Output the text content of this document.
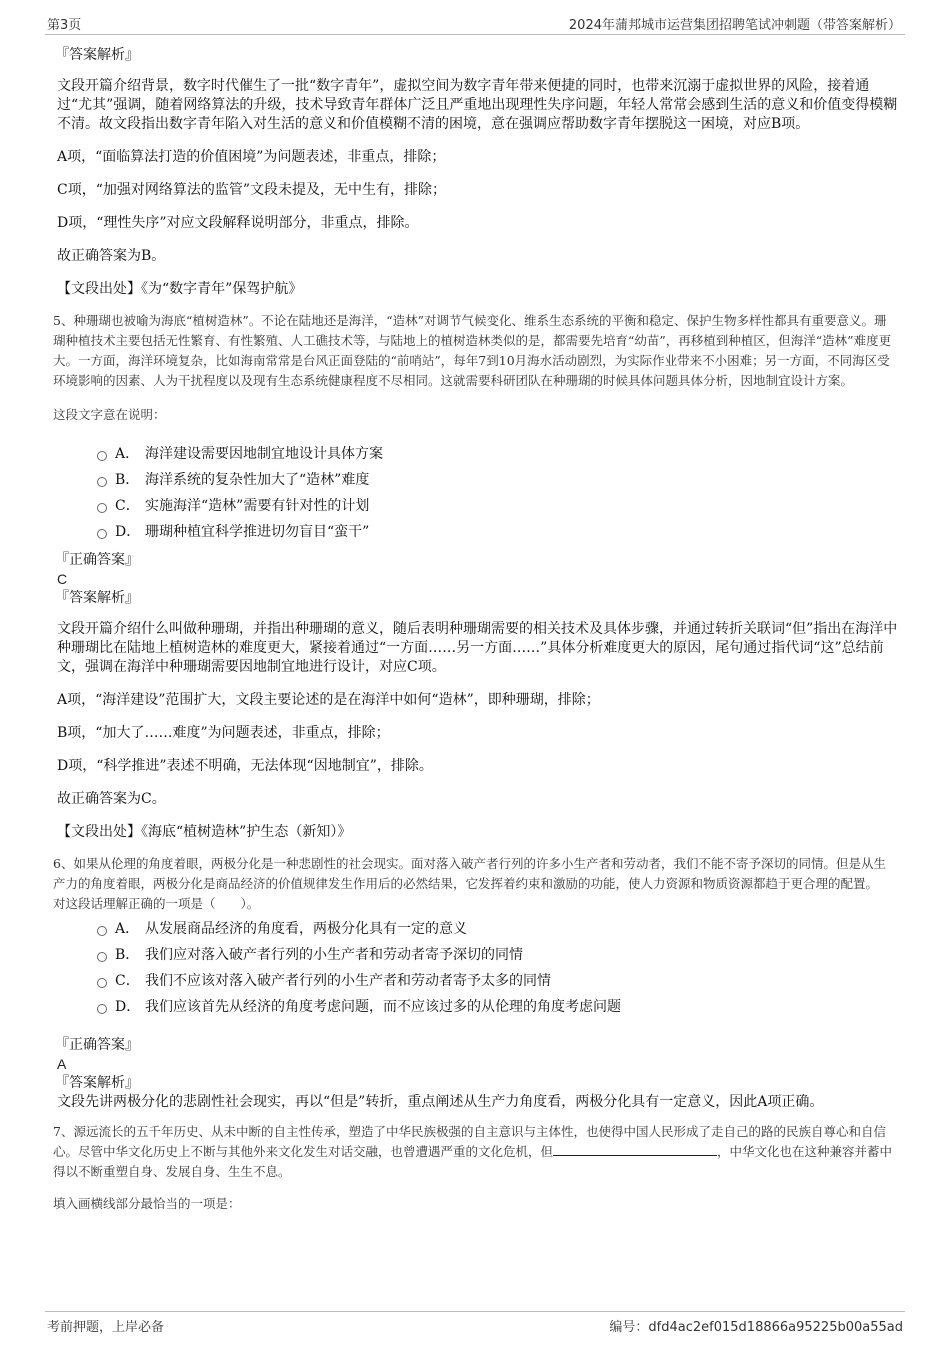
第3页	2024年蒲邦城市运营集团招聘笔试冲刺题（带答案解析）
『答案解析』
文段开篇介绍背景，数字时代催生了一批“数字青年”，虚拟空间为数字青年带来便捷的同时，也带来沉溺于虚拟世界的风险，接着通过“尤其”强调，随着网络算法的升级，技术导致青年群体广泛且严重地出现理性失序问题，年轻人常常会感到生活的意义和价值变得模糊不清。故文段指出数字青年陷入对生活的意义和价值模糊不清的困境，意在强调应帮助数字青年摆脱这一困境，对应B项。
A项，“面临算法打造的价值困境”为问题表述，非重点，排除；
C项，“加强对网络算法的监管”文段未提及，无中生有，排除；
D项，“理性失序”对应文段解释说明部分，非重点，排除。
故正确答案为B。
【文段出处】《为“数字青年”保驾护航》
5、种珊瑚也被喻为海底“植树造林”。不论在陆地还是海洋，“造林”对调节气候变化、维系生态系统的平衡和稳定、保护生物多样性都具有重要意义。珊瑚种植技术主要包括无性繁育、有性繁殖、人工礁技术等，与陆地上的植树造林类似的是，都需要先培育“幼苗”，再移植到种植区，但海洋“造林”难度更大。一方面，海洋环境复杂，比如海南常常是台风正面登陆的“前哨站”，每年7到10月海水活动剧烈，为实际作业带来不小困难；另一方面，不同海区受环境影响的因素、人为干扰程度以及现有生态系统健康程度不尽相同。这就需要科研团队在种珊瑚的时候具体问题具体分析，因地制宜设计方案。
这段文字意在说明：
A． 海洋建设需要因地制宜地设计具体方案
B． 海洋系统的复杂性加大了“造林”难度
C． 实施海洋“造林”需要有针对性的计划
D． 珊瑚种植宜科学推进切勿盲目“蛮干”
『正确答案』
C
『答案解析』
文段开篇介绍什么叫做种珊瑚，并指出种珊瑚的意义，随后表明种珊瑚需要的相关技术及具体步骤，并通过转折关联词“但”指出在海洋中种珊瑚比在陆地上植树造林的难度更大，紧接着通过“一方面……另一方面……”具体分析难度更大的原因，尾句通过指代词“这”总结前文，强调在海洋中种珊瑚需要因地制宜地进行设计，对应C项。
A项，“海洋建设”范围扩大，文段主要论述的是在海洋中如何“造林”，即种珊瑚，排除；
B项，“加大了……难度”为问题表述，非重点，排除；
D项，“科学推进”表述不明确，无法体现“因地制宜”，排除。
故正确答案为C。
【文段出处】《海底“植树造林”护生态（新知）》
6、如果从伦理的角度着眼，两极分化是一种悲剧性的社会现实。面对落入破产者行列的许多小生产者和劳动者，我们不能不寄予深切的同情。但是从生产力的角度着眼，两极分化是商品经济的价值规律发生作用后的必然结果，它发挥着约束和激励的功能，使人力资源和物质资源都趋于更合理的配置。
对这段话理解正确的一项是（　　）。
A． 从发展商品经济的角度看，两极分化具有一定的意义
B． 我们应对落入破产者行列的小生产者和劳动者寄予深切的同情
C． 我们不应该对落入破产者行列的小生产者和劳动者寄予太多的同情
D． 我们应该首先从经济的角度考虑问题，而不应该过多的从伦理的角度考虑问题
『正确答案』
A
『答案解析』
文段先讲两极分化的悲剧性社会现实，再以“但是”转折，重点阐述从生产力角度看，两极分化具有一定意义，因此A项正确。
7、源远流长的五千年历史、从未中断的自主性传承，塑造了中华民族极强的自主意识与主体性，也使得中国人民形成了走自己的路的民族自尊心和自信心。尽管中华文化历史上不断与其他外来文化发生对话交融，也曾遭遇严重的文化危机，但	，中华文化也在这种兼容并蓄中得以不断重塑自身、发展自身、生生不息。
填入画横线部分最恰当的一项是：
考前押题，上岸必备	编号：dfd4ac2ef015d18866a95225b00a55ad
